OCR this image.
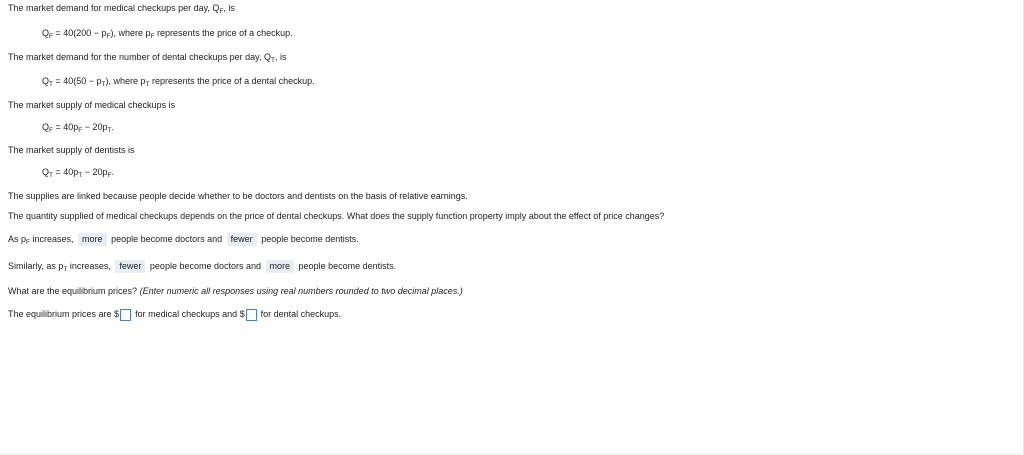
The market demand for medical checkups per day, $Q_F$, is
$Q_F = 40(200 - p_F)$, where $p_F$ represents the price of a checkup.
The market demand for the number of dental checkups per day, $Q_T$, is
$Q_T = 40(50 - p_T)$, where $p_T$ represents the price of a dental checkup.
The market supply of medical checkups is
$Q_F = 40p_F - 20p_T$.
The market supply of dentists is
$Q_T = 40p_T - 20p_F$.
The supplies are linked because people decide whether to be doctors and dentists on the basis of relative earnings.
The quantity supplied of medical checkups depends on the price of dental checkups. What does the supply function property imply about the effect of price changes?
As $p_F$ increases, more people become doctors and fewer people become dentists.
Similarly, as $p_T$ increases, fewer people become doctors and more people become dentists.
What are the equilibrium prices? (Enter numeric all responses using real numbers rounded to two decimal places.)
The equilibrium prices are $ for medical checkups and $ for dental checkups.
